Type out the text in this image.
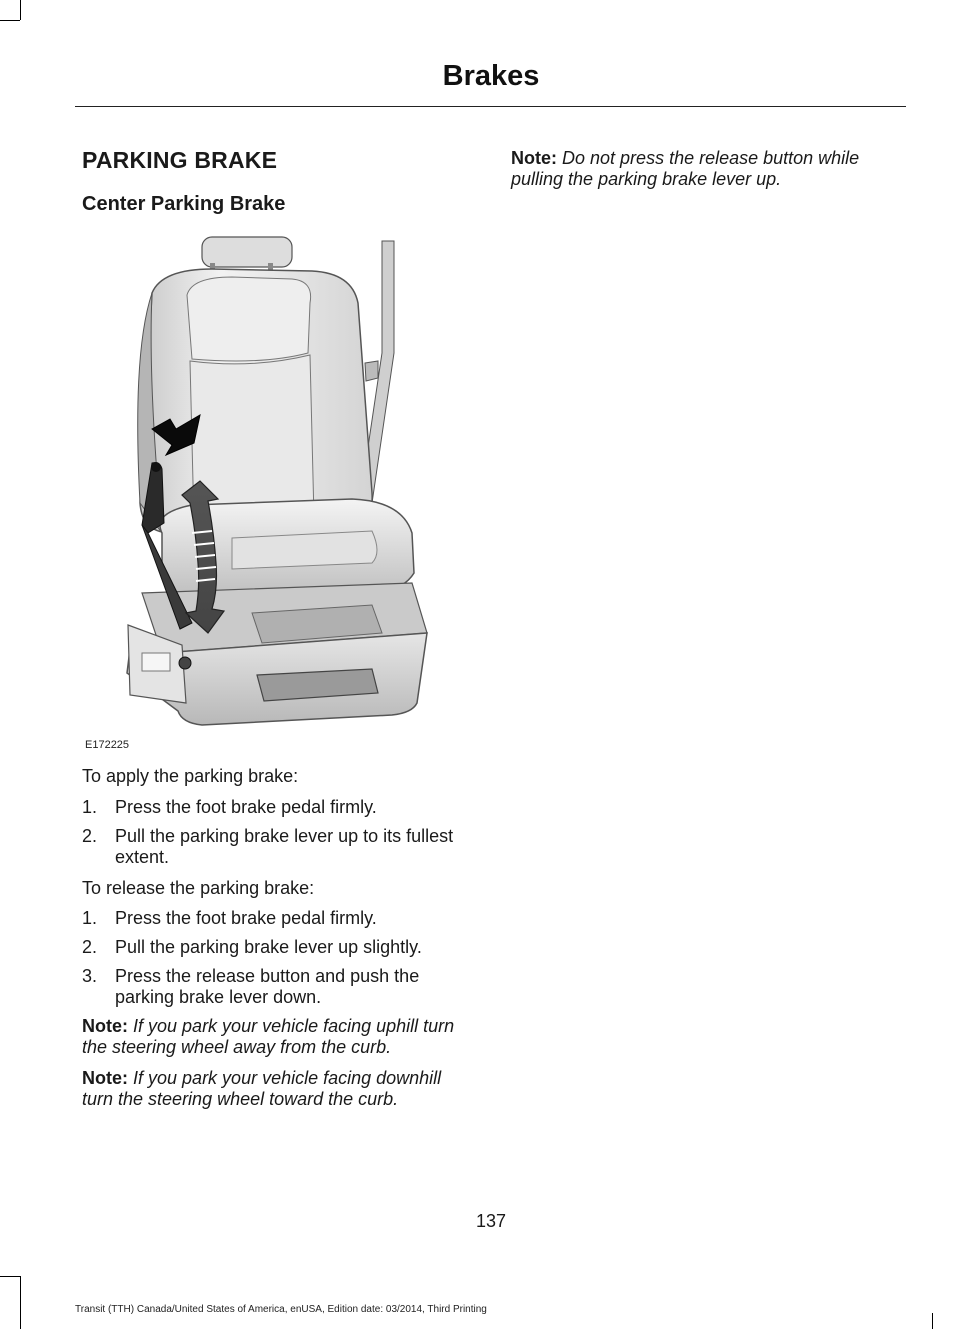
Brakes
PARKING BRAKE
Center Parking Brake
E172225

To apply the parking brake:

1. Press the foot brake pedal firmly.
2. Pull the parking brake lever up to its fullest extent.

To release the parking brake:

1. Press the foot brake pedal firmly.
2. Pull the parking brake lever up slightly.
3. Press the release button and push the parking brake lever down.
Note: If you park your vehicle facing uphill turn the steering wheel away from the curb.
Note: If you park your vehicle facing downhill turn the steering wheel toward the curb.
Note: Do not press the release button while pulling the parking brake lever up.
137
Transit (TTH) Canada/United States of America, enUSA, Edition date: 03/2014, Third Printing
